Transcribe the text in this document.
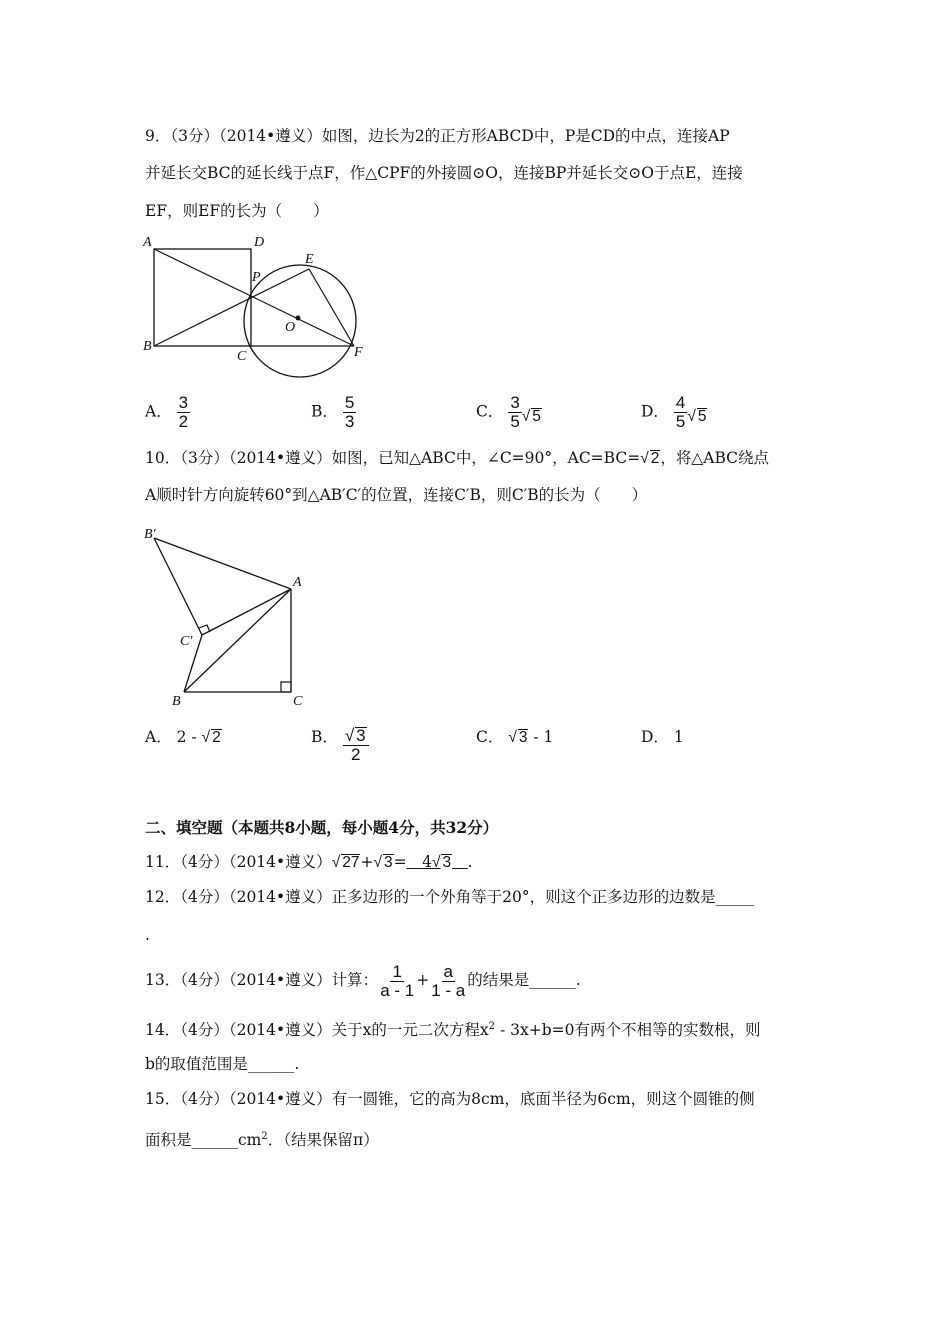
9．（3分）（2014•遵义）如图，边长为2的正方形ABCD中，P是CD的中点，连接AP
并延长交BC的延长线于点F，作△CPF的外接圆⊙O，连接BP并延长交⊙O于点E，连接
EF，则EF的长为（　　）
A	D
B
C
P
E
O
F
A． $\frac{3}{2}$	B． $\frac{5}{3}$	C． $\frac{3}{5}$ √ 5	D． $\frac{4}{5}$ √ 5
10．（3分）（2014•遵义）如图，已知△ABC中，∠C=90°，AC=BC=√ 2，将△ABC绕点
A顺时针方向旋转60°到△AB′C′的位置，连接C′B，则C′B的长为（　　）
B′
A
C′
B	C
A． 2 - √ 2	B． $\frac{√ 3}{2}$	C． √ 3 - 1	D． 1
二、填空题（本题共8小题，每小题4分，共32分）
11．（4分）（2014•遵义）√ 27+√ 3=  4√ 3  .
12．（4分）（2014•遵义）正多边形的一个外角等于20°，则这个正多边形的边数是_____
.
13．（4分）（2014•遵义）计算： $\frac{1}{a - 1} + \frac{a}{1 - a}$ 的结果是______.
14．（4分）（2014•遵义）关于x的一元二次方程$x^2 - 3x+b=0$有两个不相等的实数根，则
b的取值范围是______.
15．（4分）（2014•遵义）有一圆锥，它的高为8cm，底面半径为6cm，则这个圆锥的侧
面积是$\_\_\_\_\_\_cm^2$．（结果保留π）
